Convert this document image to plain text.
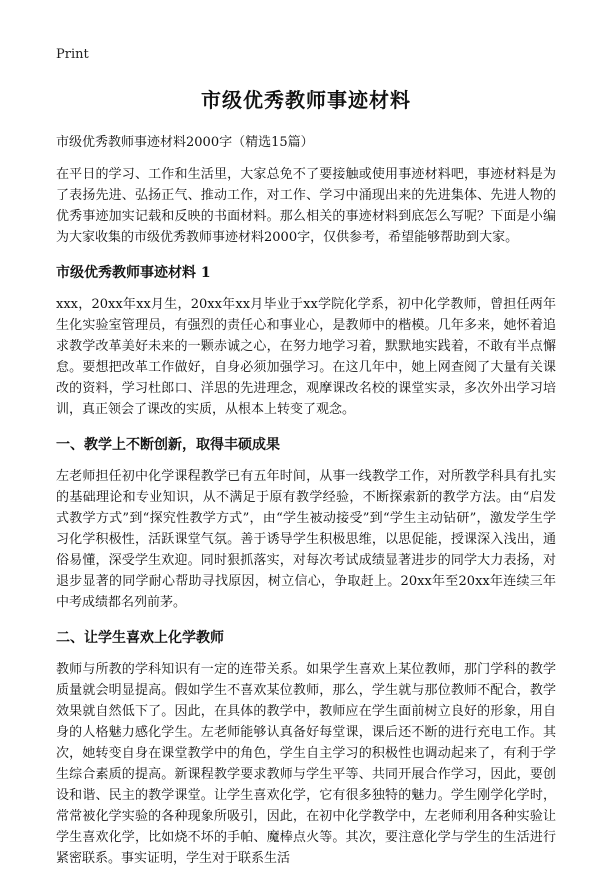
Print
市级优秀教师事迹材料
市级优秀教师事迹材料2000字（精选15篇）

在平日的学习、工作和生活里，大家总免不了要接触或使用事迹材料吧，事迹材料是为了表扬先进、弘扬正气、推动工作，对工作、学习中涌现出来的先进集体、先进人物的优秀事迹加实记载和反映的书面材料。那么相关的事迹材料到底怎么写呢？下面是小编为大家收集的市级优秀教师事迹材料2000字，仅供参考，希望能够帮助到大家。

市级优秀教师事迹材料 1

xxx，20xx年xx月生，20xx年xx月毕业于xx学院化学系，初中化学教师，曾担任两年生化实验室管理员，有强烈的责任心和事业心，是教师中的楷模。几年多来，她怀着追求教学改革美好未来的一颗赤诚之心，在努力地学习着，默默地实践着，不敢有半点懈怠。要想把改革工作做好，自身必须加强学习。在这几年中，她上网查阅了大量有关课改的资料，学习杜郎口、洋思的先进理念，观摩课改名校的课堂实录，多次外出学习培训，真正领会了课改的实质，从根本上转变了观念。

一、教学上不断创新，取得丰硕成果

左老师担任初中化学课程教学已有五年时间，从事一线教学工作，对所教学科具有扎实的基础理论和专业知识，从不满足于原有教学经验，不断探索新的教学方法。由“启发式教学方式”到“探究性教学方式”，由“学生被动接受”到“学生主动钻研”，激发学生学习化学积极性，活跃课堂气氛。善于诱导学生积极思维，以思促能，授课深入浅出，通俗易懂，深受学生欢迎。同时狠抓落实，对每次考试成绩显著进步的同学大力表扬，对退步显著的同学耐心帮助寻找原因，树立信心，争取赶上。20xx年至20xx年连续三年中考成绩都名列前茅。

二、让学生喜欢上化学教师

教师与所教的学科知识有一定的连带关系。如果学生喜欢上某位教师，那门学科的教学质量就会明显提高。假如学生不喜欢某位教师，那么，学生就与那位教师不配合，教学效果就自然低下了。因此，在具体的教学中，教师应在学生面前树立良好的形象，用自身的人格魅力感化学生。左老师能够认真备好每堂课，课后还不断的进行充电工作。其次，她转变自身在课堂教学中的角色，学生自主学习的积极性也调动起来了，有利于学生综合素质的提高。新课程教学要求教师与学生平等、共同开展合作学习，因此，要创设和谐、民主的教学课堂。让学生喜欢化学，它有很多独特的魅力。学生刚学化学时，常常被化学实验的各种现象所吸引，因此，在初中化学教学中，左老师利用各种实验让学生喜欢化学，比如烧不坏的手帕、魔棒点火等。其次，要注意化学与学生的生活进行紧密联系。事实证明，学生对于联系生活
